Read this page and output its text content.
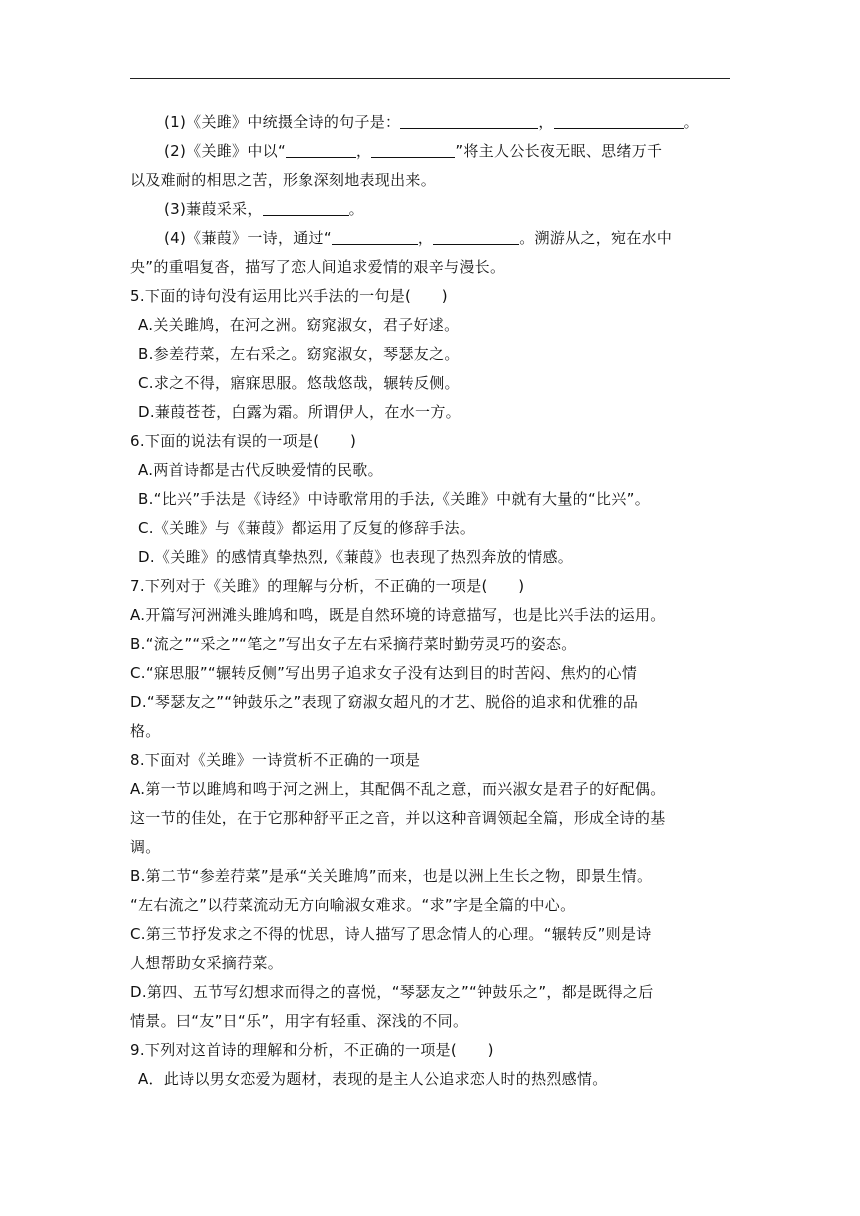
(1)《关雎》中统摄全诗的句子是：	，	。
(2)《关雎》中以“	，	”将主人公长夜无眠、思绪万千
以及难耐的相思之苦，形象深刻地表现出来。
(3)蒹葭采采，	。
(4)《蒹葭》一诗，通过“	，	。溯游从之，宛在水中
央”的重唱复沓，描写了恋人间追求爱情的艰辛与漫长。
5.下面的诗句没有运用比兴手法的一句是(　　)
A.关关雎鸠，在河之洲。窈窕淑女，君子好逑。
B.参差荇菜，左右采之。窈窕淑女，琴瑟友之。
C.求之不得，寤寐思服。悠哉悠哉，辗转反侧。
D.蒹葭苍苍，白露为霜。所谓伊人，在水一方。
6.下面的说法有误的一项是(　　)
A.两首诗都是古代反映爱情的民歌。
B.“比兴”手法是《诗经》中诗歌常用的手法,《关雎》中就有大量的“比兴”。
C.《关雎》与《蒹葭》都运用了反复的修辞手法。
D.《关雎》的感情真挚热烈,《蒹葭》也表现了热烈奔放的情感。
7.下列对于《关雎》的理解与分析，不正确的一项是(　　)
A.开篇写河洲滩头雎鸠和鸣，既是自然环境的诗意描写，也是比兴手法的运用。
B.“流之”“采之”“笔之”写出女子左右采摘荇菜时勤劳灵巧的姿态。
C.“寐思服”“辗转反侧”写出男子追求女子没有达到目的时苦闷、焦灼的心情
D.“琴瑟友之”“钟鼓乐之”表现了窈淑女超凡的才艺、脱俗的追求和优雅的品
格。
8.下面对《关雎》一诗赏析不正确的一项是
A.第一节以雎鸠和鸣于河之洲上，其配偶不乱之意，而兴淑女是君子的好配偶。
这一节的佳处，在于它那种舒平正之音，并以这种音调领起全篇，形成全诗的基
调。
B.第二节“参差荇菜”是承“关关雎鸠”而来，也是以洲上生长之物，即景生情。
“左右流之”以荇菜流动无方向喻淑女难求。“求”字是全篇的中心。
C.第三节抒发求之不得的忧思，诗人描写了思念情人的心理。“辗转反”则是诗
人想帮助女采摘荇菜。
D.第四、五节写幻想求而得之的喜悦，“琴瑟友之”“钟鼓乐之”，都是既得之后
情景。曰“友”日“乐”，用字有轻重、深浅的不同。
9.下列对这首诗的理解和分析，不正确的一项是(　　)
A．此诗以男女恋爱为题材，表现的是主人公追求恋人时的热烈感情。
